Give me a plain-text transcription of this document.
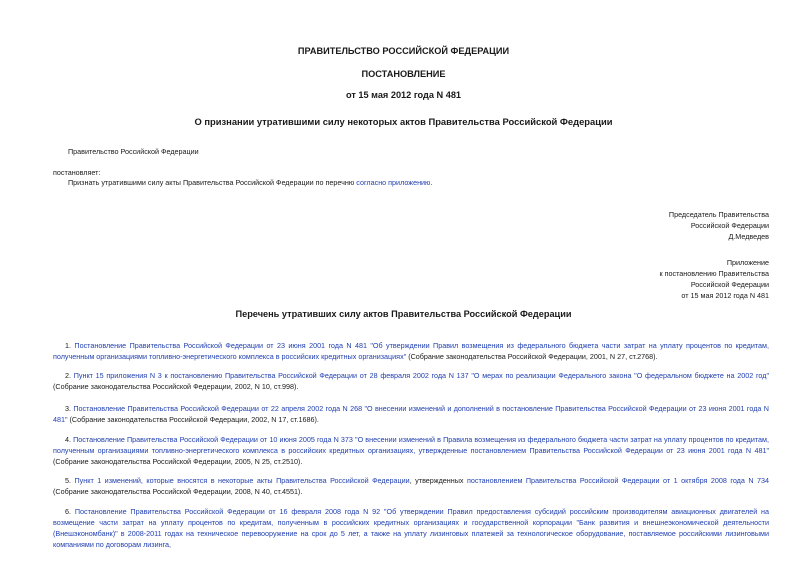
ПРАВИТЕЛЬСТВО РОССИЙСКОЙ ФЕДЕРАЦИИ
ПОСТАНОВЛЕНИЕ
от 15 мая 2012 года N 481
О признании утратившими силу некоторых актов Правительства Российской Федерации
Правительство Российской Федерации
постановляет:
Признать утратившими силу акты Правительства Российской Федерации по перечню согласно приложению.
Председатель Правительства
Российской Федерации
Д.Медведев
Приложение
к постановлению Правительства
Российской Федерации
от 15 мая 2012 года N 481
Перечень утративших силу актов Правительства Российской Федерации
1. Постановление Правительства Российской Федерации от 23 июня 2001 года N 481 "Об утверждении Правил возмещения из федерального бюджета части затрат на уплату процентов по кредитам, полученным организациями топливно-энергетического комплекса в российских кредитных организациях" (Собрание законодательства Российской Федерации, 2001, N 27, ст.2768).
2. Пункт 15 приложения N 3 к постановлению Правительства Российской Федерации от 28 февраля 2002 года N 137 "О мерах по реализации Федерального закона "О федеральном бюджете на 2002 год" (Собрание законодательства Российской Федерации, 2002, N 10, ст.998).
3. Постановление Правительства Российской Федерации от 22 апреля 2002 года N 268 "О внесении изменений и дополнений в постановление Правительства Российской Федерации от 23 июня 2001 года N 481" (Собрание законодательства Российской Федерации, 2002, N 17, ст.1686).
4. Постановление Правительства Российской Федерации от 10 июня 2005 года N 373 "О внесении изменений в Правила возмещения из федерального бюджета части затрат на уплату процентов по кредитам, полученным организациями топливно-энергетического комплекса в российских кредитных организациях, утвержденные постановлением Правительства Российской Федерации от 23 июня 2001 года N 481" (Собрание законодательства Российской Федерации, 2005, N 25, ст.2510).
5. Пункт 1 изменений, которые вносятся в некоторые акты Правительства Российской Федерации, утвержденных постановлением Правительства Российской Федерации от 1 октября 2008 года N 734 (Собрание законодательства Российской Федерации, 2008, N 40, ст.4551).
6. Постановление Правительства Российской Федерации от 16 февраля 2008 года N 92 "Об утверждении Правил предоставления субсидий российским производителям авиационных двигателей на возмещение части затрат на уплату процентов по кредитам, полученным в российских кредитных организациях и государственной корпорации "Банк развития и внешнеэкономической деятельности (Внешэкономбанк)" в 2008-2011 годах на техническое перевооружение на срок до 5 лет, а также на уплату лизинговых платежей за технологическое оборудование, поставляемое российскими лизинговыми компаниями по договорам лизинга,
